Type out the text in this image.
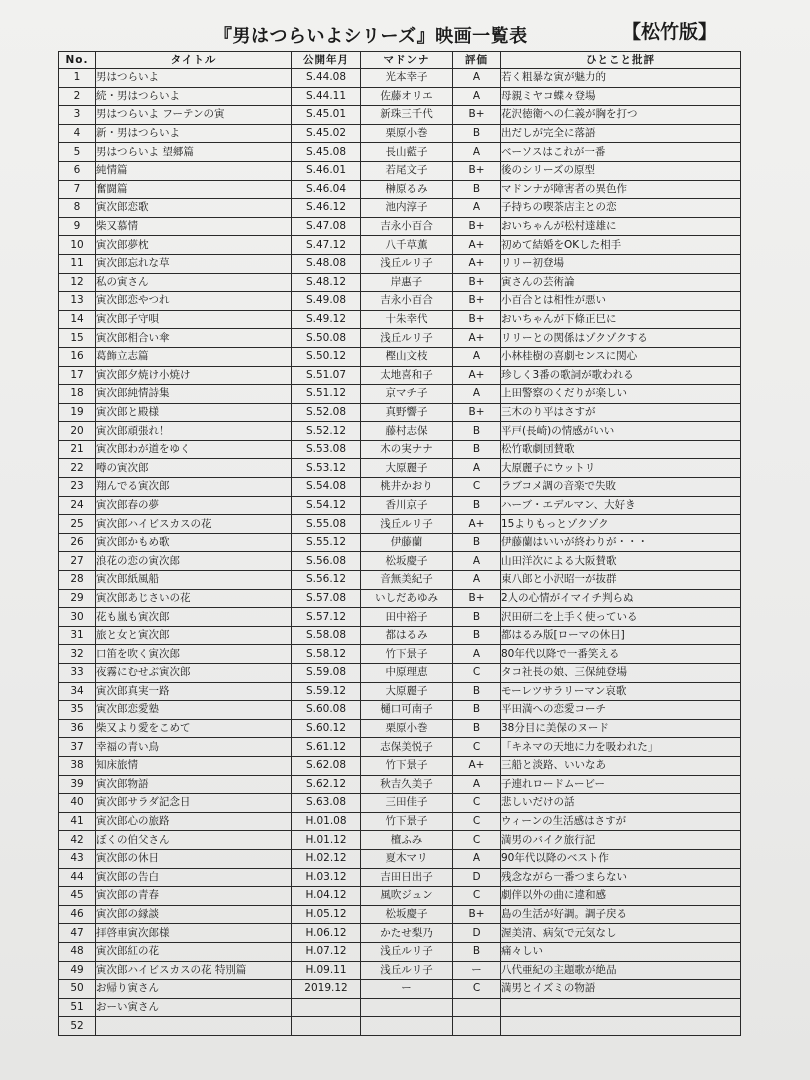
『男はつらいよシリーズ』映画一覧表	【松竹版】
No.	タイトル	公開年月	マドンナ	評価	ひとこと批評
1	男はつらいよ	S.44.08	光本幸子	A	若く粗暴な寅が魅力的
2	続・男はつらいよ	S.44.11	佐藤オリエ	A	母親ミヤコ蝶々登場
3	男はつらいよ フーテンの寅	S.45.01	新珠三千代	B+	花沢徳衛への仁義が胸を打つ
4	新・男はつらいよ	S.45.02	栗原小巻	B	出だしが完全に落語
5	男はつらいよ 望郷篇	S.45.08	長山藍子	A	ベーソスはこれが一番
6	純情篇	S.46.01	若尾文子	B+	後のシリーズの原型
7	奮闘篇	S.46.04	榊原るみ	B	マドンナが障害者の異色作
8	寅次郎恋歌	S.46.12	池内淳子	A	子持ちの喫茶店主との恋
9	柴又慕情	S.47.08	吉永小百合	B+	おいちゃんが松村達雄に
10	寅次郎夢枕	S.47.12	八千草薫	A+	初めて結婚をOKした相手
11	寅次郎忘れな草	S.48.08	浅丘ルリ子	A+	リリー初登場
12	私の寅さん	S.48.12	岸惠子	B+	寅さんの芸術論
13	寅次郎恋やつれ	S.49.08	吉永小百合	B+	小百合とは相性が悪い
14	寅次郎子守唄	S.49.12	十朱幸代	B+	おいちゃんが下條正巳に
15	寅次郎相合い傘	S.50.08	浅丘ルリ子	A+	リリーとの関係はゾクゾクする
16	葛飾立志篇	S.50.12	樫山文枝	A	小林桂樹の喜劇センスに関心
17	寅次郎夕焼け小焼け	S.51.07	太地喜和子	A+	珍しく3番の歌詞が歌われる
18	寅次郎純情詩集	S.51.12	京マチ子	A	上田警察のくだりが楽しい
19	寅次郎と殿様	S.52.08	真野響子	B+	三木のり平はさすが
20	寅次郎頑張れ！	S.52.12	藤村志保	B	平戸(長崎)の情感がいい
21	寅次郎わが道をゆく	S.53.08	木の実ナナ	B	松竹歌劇団賛歌
22	噂の寅次郎	S.53.12	大原麗子	A	大原麗子にウットリ
23	翔んでる寅次郎	S.54.08	桃井かおり	C	ラブコメ調の音楽で失敗
24	寅次郎春の夢	S.54.12	香川京子	B	ハーブ・エデルマン、大好き
25	寅次郎ハイビスカスの花	S.55.08	浅丘ルリ子	A+	15よりもっとゾクゾク
26	寅次郎かもめ歌	S.55.12	伊藤蘭	B	伊藤蘭はいいが終わりが・・・
27	浪花の恋の寅次郎	S.56.08	松坂慶子	A	山田洋次による大阪賛歌
28	寅次郎紙風船	S.56.12	音無美紀子	A	東八郎と小沢昭一が抜群
29	寅次郎あじさいの花	S.57.08	いしだあゆみ	B+	2人の心情がイマイチ判らぬ
30	花も嵐も寅次郎	S.57.12	田中裕子	B	沢田研二を上手く使っている
31	旅と女と寅次郎	S.58.08	都はるみ	B	都はるみ版[ローマの休日]
32	口笛を吹く寅次郎	S.58.12	竹下景子	A	80年代以降で一番笑える
33	夜霧にむせぶ寅次郎	S.59.08	中原理恵	C	タコ社長の娘、三保純登場
34	寅次郎真実一路	S.59.12	大原麗子	B	モーレツサラリーマン哀歌
35	寅次郎恋愛塾	S.60.08	樋口可南子	B	平田満への恋愛コーチ
36	柴又より愛をこめて	S.60.12	栗原小巻	B	38分目に美保のヌード
37	幸福の青い鳥	S.61.12	志保美悦子	C	「キネマの天地に力を吸われた」
38	知床旅情	S.62.08	竹下景子	A+	三船と淡路、いいなあ
39	寅次郎物語	S.62.12	秋吉久美子	A	子連れロードムービー
40	寅次郎サラダ記念日	S.63.08	三田佳子	C	悲しいだけの話
41	寅次郎心の旅路	H.01.08	竹下景子	C	ウィーンの生活感はさすが
42	ぼくの伯父さん	H.01.12	檀ふみ	C	満男のバイク旅行記
43	寅次郎の休日	H.02.12	夏木マリ	A	90年代以降のベスト作
44	寅次郎の告白	H.03.12	吉田日出子	D	残念ながら一番つまらない
45	寅次郎の青春	H.04.12	風吹ジュン	C	劇伴以外の曲に違和感
46	寅次郎の縁談	H.05.12	松坂慶子	B+	島の生活が好調。調子戻る
47	拝啓車寅次郎様	H.06.12	かたせ梨乃	D	渥美清、病気で元気なし
48	寅次郎紅の花	H.07.12	浅丘ルリ子	B	痛々しい
49	寅次郎ハイビスカスの花 特別篇	H.09.11	浅丘ルリ子	ー	八代亜紀の主題歌が絶品
50	お帰り寅さん	2019.12	ー	C	満男とイズミの物語
51	おーい寅さん				
52					
